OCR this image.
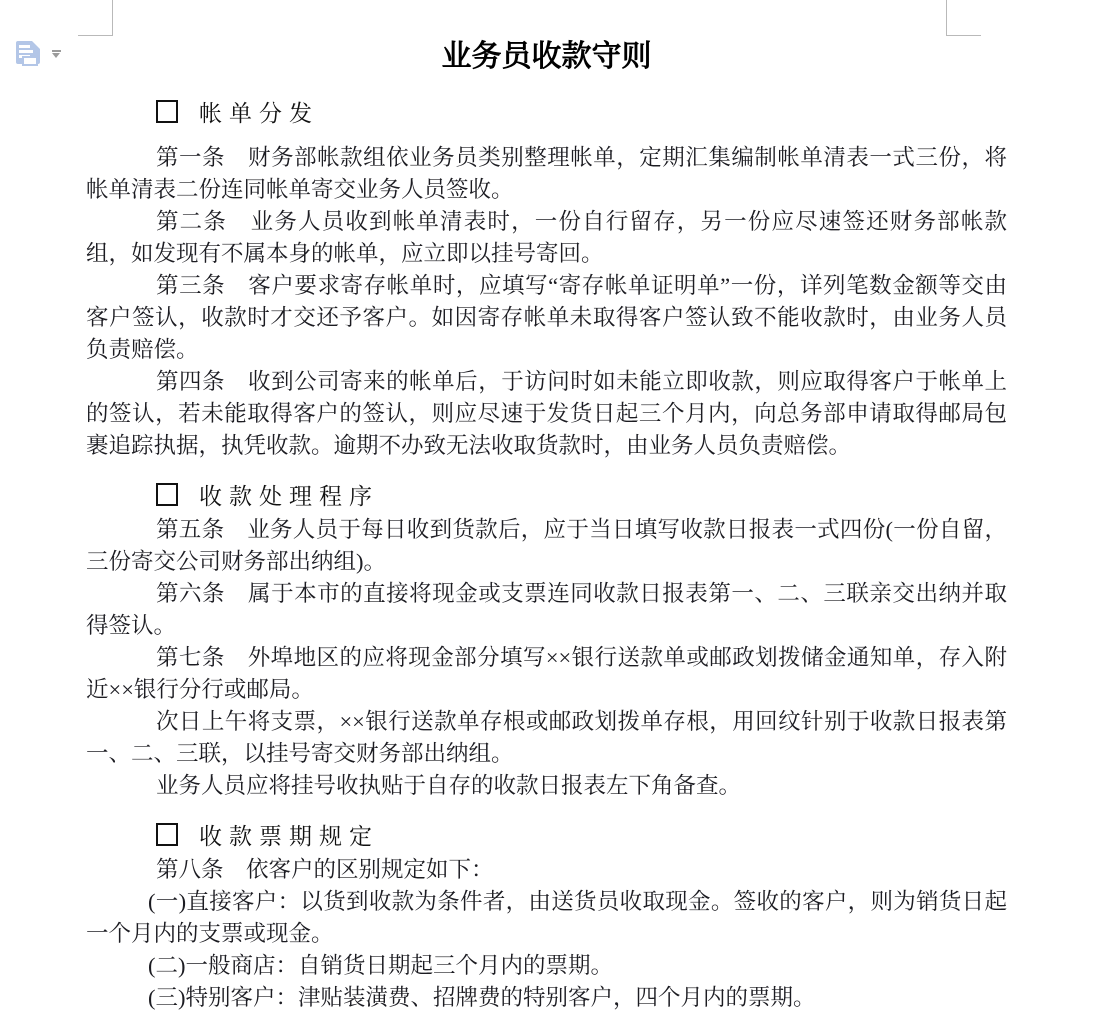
业务员收款守则
帐单分发

第一条　财务部帐款组依业务员类别整理帐单，定期汇集编制帐单清表一式三份，将帐单清表二份连同帐单寄交业务人员签收。

第二条　业务人员收到帐单清表时，一份自行留存，另一份应尽速签还财务部帐款组，如发现有不属本身的帐单，应立即以挂号寄回。

第三条　客户要求寄存帐单时，应填写“寄存帐单证明单”一份，详列笔数金额等交由客户签认，收款时才交还予客户。如因寄存帐单未取得客户签认致不能收款时，由业务人员负责赔偿。

第四条　收到公司寄来的帐单后，于访问时如未能立即收款，则应取得客户于帐单上的签认，若未能取得客户的签认，则应尽速于发货日起三个月内，向总务部申请取得邮局包裹追踪执据，执凭收款。逾期不办致无法收取货款时，由业务人员负责赔偿。

收款处理程序

第五条　业务人员于每日收到货款后，应于当日填写收款日报表一式四份(一份自留，三份寄交公司财务部出纳组)。

第六条　属于本市的直接将现金或支票连同收款日报表第一、二、三联亲交出纳并取得签认。

第七条　外埠地区的应将现金部分填写××银行送款单或邮政划拨储金通知单，存入附近××银行分行或邮局。

次日上午将支票，××银行送款单存根或邮政划拨单存根，用回纹针别于收款日报表第一、二、三联，以挂号寄交财务部出纳组。

业务人员应将挂号收执贴于自存的收款日报表左下角备查。

收款票期规定

第八条　依客户的区别规定如下：

(一)直接客户：以货到收款为条件者，由送货员收取现金。签收的客户，则为销货日起一个月内的支票或现金。

(二)一般商店：自销货日期起三个月内的票期。

(三)特别客户：津贴装潢费、招牌费的特别客户，四个月内的票期。
